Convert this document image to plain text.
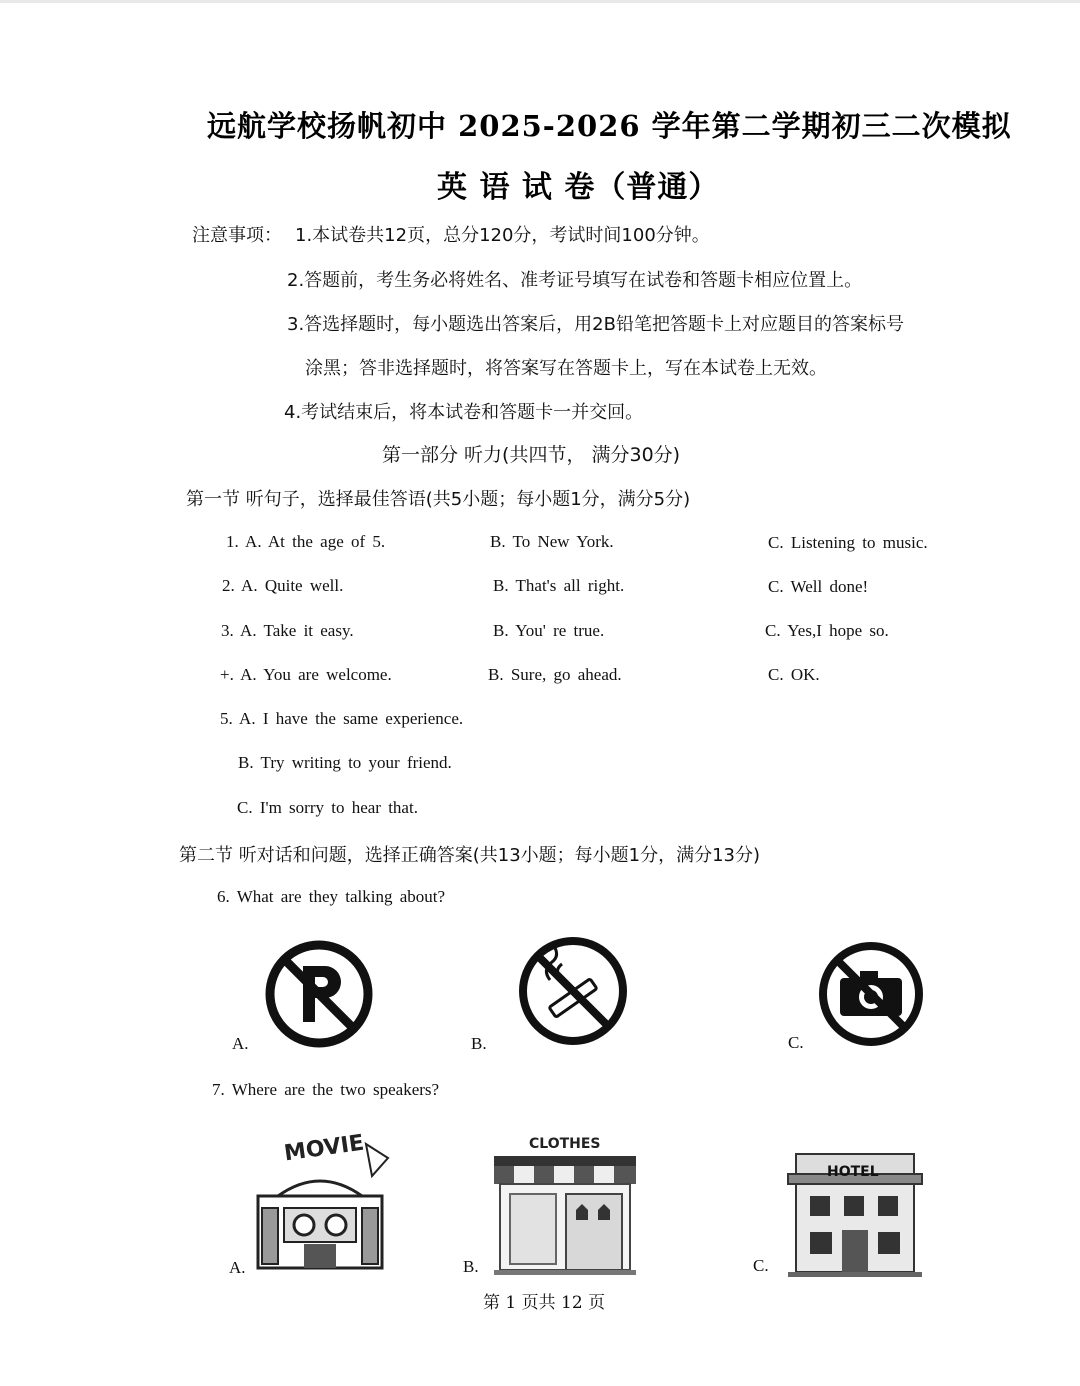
远航学校扬帆初中 2025-2026 学年第二学期初三二次模拟
英 语 试 卷（普通）
注意事项： 1.本试卷共12页，总分120分，考试时间100分钟。
2.答题前，考生务必将姓名、准考证号填写在试卷和答题卡相应位置上。
3.答选择题时，每小题选出答案后，用2B铅笔把答题卡上对应题目的答案标号
涂黑；答非选择题时，将答案写在答题卡上，写在本试卷上无效。
4.考试结束后，将本试卷和答题卡一并交回。
第一部分 听力(共四节， 满分30分)
第一节 听句子，选择最佳答语(共5小题；每小题1分，满分5分)
1. A. At the age of 5.	B. To New York.	C. Listening to music.
2. A. Quite well.	B. That's all right.	C. Well done!
3. A. Take it easy.	B. You' re true.	C. Yes,I hope so.
+. A. You are welcome.	B. Sure, go ahead.	C. OK.
5. A. I have the same experience.
B. Try writing to your friend.
C. I'm sorry to hear that.
第二节 听对话和问题，选择正确答案(共13小题；每小题1分，满分13分)
6. What are they talking about?
A.	B.	C.
7. Where are the two speakers?
A.	B.	C.
MOVIE	CLOTHES
HOTEL
第 1 页共 12 页
